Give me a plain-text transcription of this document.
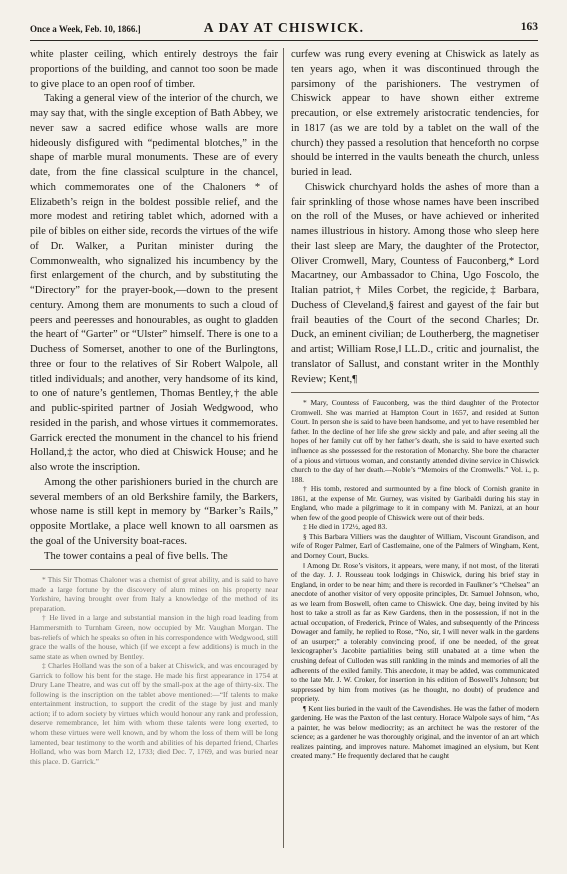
Once a Week, Feb. 10, 1866.]	A DAY AT CHISWICK.	163

white plaster ceiling, which entirely destroys the fair proportions of the building, and cannot too soon be made to give place to an open roof of timber.

Taking a general view of the interior of the church, we may say that, with the single exception of Bath Abbey, we never saw a sacred edifice whose walls are more hideously disfigured with “pedimental blotches,” in the shape of marble mural monuments. These are of every date, from the fine classical sculpture in the chancel, which commemorates one of the Chaloners * of Elizabeth’s reign in the boldest possible relief, and the more modest and retiring tablet which, adorned with a pile of bibles on either side, records the virtues of the wife of Dr. Walker, a Puritan minister during the Commonwealth, who signalized his incumbency by the first enlargement of the church, and by substituting the “Directory” for the prayer-book,—down to the present century. Among them are monuments to such a cloud of peers and peeresses and honourables, as ought to gladden the heart of “Garter” or “Ulster” himself. There is one to a Duchess of Somerset, another to one of the Burlingtons, three or four to the relatives of Sir Robert Walpole, all titled individuals; and another, very handsome of its kind, to one of nature’s gentlemen, Thomas Bentley,† the able and public-spirited partner of Josiah Wedgwood, who resided in the parish, and whose virtues it commemorates. Garrick erected the monument in the chancel to his friend Holland,‡ the actor, who died at Chiswick House; and he also wrote the inscription.

Among the other parishioners buried in the church are several members of an old Berkshire family, the Barkers, whose name is still kept in memory by “Barker’s Rails,” opposite Mortlake, a place well known to all oarsmen as the goal of the University boat-races.

The tower contains a peal of five bells. The

* This Sir Thomas Chaloner was a chemist of great ability, and is said to have made a large fortune by the discovery of alum mines on his property near Yorkshire, having brought over from Italy a knowledge of the method of its preparation.

† He lived in a large and substantial mansion in the high road leading from Hammersmith to Turnham Green, now occupied by Mr. Vaughan Morgan. The bas-reliefs of which he speaks so often in his correspondence with Wedgwood, still grace the walls of the house, which (if we except a few additions) is much in the same state as when owned by Bentley.

‡ Charles Holland was the son of a baker at Chiswick, and was encouraged by Garrick to follow his bent for the stage. He made his first appearance in 1754 at Drury Lane Theatre, and was cut off by the small-pox at the age of thirty-six. The following is the inscription on the tablet above mentioned:—“If talents to make entertainment instruction, to support the credit of the stage by just and manly action; if to adorn society by virtues which would honour any rank and profession, deserve remembrance, let him with whom these talents were long exerted, to whom these virtues were well known, and by whom the loss of them will be long lamented, bear testimony to the worth and abilities of his departed friend, Charles Holland, who was born March 12, 1733; died Dec. 7, 1769, and was buried near this place. D. Garrick.”

curfew was rung every evening at Chiswick as lately as ten years ago, when it was discontinued through the parsimony of the parishioners. The vestrymen of Chiswick appear to have shown either extreme precaution, or else extremely aristocratic tendencies, for in 1817 (as we are told by a tablet on the wall of the church) they passed a resolution that henceforth no corpse should be interred in the vaults beneath the church, unless buried in lead.

Chiswick churchyard holds the ashes of more than a fair sprinkling of those whose names have been inscribed on the roll of the Muses, or have achieved or inherited names illustrious in history. Among those who sleep here their last sleep are Mary, the daughter of the Protector, Oliver Cromwell, Mary, Countess of Fauconberg,* Lord Macartney, our Ambassador to China, Ugo Foscolo, the Italian patriot,† Miles Corbet, the regicide,‡ Barbara, Duchess of Cleveland,§ fairest and gayest of the fair but frail beauties of the Court of the second Charles; Dr. Duck, an eminent civilian; de Loutherberg, the magnetiser and artist; William Rose,‖ LL.D., critic and journalist, the translator of Sallust, and constant writer in the Monthly Review; Kent,¶

* Mary, Countess of Fauconberg, was the third daughter of the Protector Cromwell. She was married at Hampton Court in 1657, and resided at Sutton Court. In person she is said to have been handsome, and yet to have resembled her father. In the decline of her life she grew sickly and pale, and after seeing all the hopes of her family cut off by her father’s death, she is said to have exerted such influence as she possessed for the restoration of Monarchy. She bore the character of a pious and virtuous woman, and constantly attended divine service in Chiswick church to the day of her death.—Noble’s “Memoirs of the Cromwells.” Vol. i., p. 188.

† His tomb, restored and surmounted by a fine block of Cornish granite in 1861, at the expense of Mr. Gurney, was visited by Garibaldi during his stay in England, who made a pilgrimage to it in company with M. Panizzi, at an hour when few of the good people of Chiswick were out of their beds.

‡ He died in 172½, aged 83.

§ This Barbara Villiers was the daughter of William, Viscount Grandison, and wife of Roger Palmer, Earl of Castlemaine, one of the Palmers of Wingham, Kent, and Dorney Court, Bucks.

‖ Among Dr. Rose’s visitors, it appears, were many, if not most, of the literati of the day. J. J. Rousseau took lodgings in Chiswick, during his brief stay in England, in order to be near him; and there is recorded in Faulkner’s “Chelsea” an anecdote of another visitor of very opposite principles, Dr. Samuel Johnson, who, as we learn from Boswell, often came to Chiswick. One day, being invited by his host to take a stroll as far as Kew Gardens, then in the possession, if not in the actual occupation, of Frederick, Prince of Wales, and subsequently of the Princess Dowager and family, he replied to Rose, “No, sir, I will never walk in the gardens of an usurper;” a tolerably convincing proof, if one be needed, of the great lexicographer’s Jacobite partialities being still unabated at a time when the crushing defeat of Culloden was still rankling in the minds and memories of all the adherents of the exiled family. This anecdote, it may be added, was communicated to the late Mr. J. W. Croker, for insertion in his edition of Boswell’s Johnson; but suppressed by him from motives (as he thought, no doubt) of prudence and propriety.

¶ Kent lies buried in the vault of the Cavendishes. He was the father of modern gardening. He was the Paxton of the last century. Horace Walpole says of him, “As a painter, he was below mediocrity; as an architect he was the restorer of the science; as a gardener he was thoroughly original, and the inventor of an art which realizes painting, and improves nature. Mahomet imagined an elysium, but Kent created many.” He frequently declared that he caught
